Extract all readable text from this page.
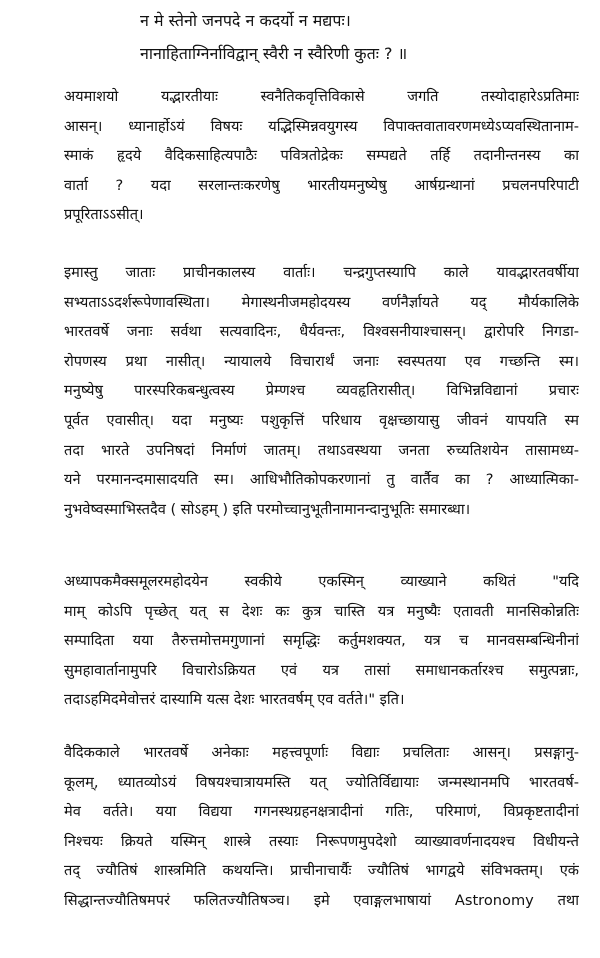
न मे स्तेनो जनपदे न कदर्यो न मद्यपः।
नानाहिताग्निर्नाविद्वान् स्वैरी न स्वैरिणी कुतः ? ॥
अयमाशयो यद्भारतीयाः स्वनैतिकवृत्तिविकासे जगति तस्योदाहारेऽप्रतिमाः
आसन्। ध्यानार्होऽयं विषयः यद्भिस्मिन्नवयुगस्य विपाक्तवातावरणमध्येऽप्यवस्थितानाम-
स्माकं हृदये वैदिकसाहित्यपाठैः पवित्रतोद्रेकः सम्पद्यते तर्हि तदानीन्तनस्य का
वार्ता ? यदा सरलान्तःकरणेषु भारतीयमनुष्येषु आर्षग्रन्थानां प्रचलनपरिपाटी
प्रपूरिताऽऽसीत्।
इमास्तु जाताः प्राचीनकालस्य वार्ताः। चन्द्रगुप्तस्यापि काले यावद्भारतवर्षीया
सभ्यताऽऽदर्शरूपेणावस्थिता। मेगास्थनीजमहोदयस्य वर्णनैर्ज्ञायते यद् मौर्यकालिके
भारतवर्षे जनाः सर्वथा सत्यवादिनः, धैर्यवन्तः, विश्वसनीयाश्चासन्। द्वारोपरि निगडा-
रोपणस्य प्रथा नासीत्। न्यायालये विचारार्थं जनाः स्वस्पतया एव गच्छन्ति स्म।
मनुष्येषु पारस्परिकबन्धुत्वस्य प्रेम्णश्च व्यवहृतिरासीत्। विभिन्नविद्यानां प्रचारः
पूर्वत एवासीत्। यदा मनुष्यः पशुकृत्तिं परिधाय वृक्षच्छायासु जीवनं यापयति स्म
तदा भारते उपनिषदां निर्माणं जातम्। तथाऽवस्थया जनता रुच्यतिशयेन तासामध्य-
यने परमानन्दमासादयति स्म। आधिभौतिकोपकरणानां तु वार्तैव का ? आध्यात्मिका-
नुभवेष्वस्माभिस्तदैव ( सोऽहम् ) इति परमोच्चानुभूतीनामानन्दानुभूतिः समारब्धा।
अध्यापकमैक्समूलरमहोदयेन स्वकीये एकस्मिन् व्याख्याने कथितं "यदि
माम् कोऽपि पृच्छेत् यत् स देशः कः कुत्र चास्ति यत्र मनुष्यैः एतावती मानसिकोन्नतिः
सम्पादिता यया तैरुत्तमोत्तमगुणानां समृद्धिः कर्तुमशक्यत, यत्र च मानवसम्बन्धिनीनां
सुमहावार्तानामुपरि विचारोऽक्रियत एवं यत्र तासां समाधानकर्तारश्च समुत्पन्नाः,
तदाऽहमिदमेवोत्तरं दास्यामि यत्स देशः भारतवर्षम् एव वर्तते।" इति।
वैदिककाले भारतवर्षे अनेकाः महत्त्वपूर्णाः विद्याः प्रचलिताः आसन्। प्रसङ्गानु-
कूलम्, ध्यातव्योऽयं विषयश्चात्रायमस्ति यत् ज्योतिर्विद्यायाः जन्मस्थानमपि भारतवर्ष-
मेव वर्तते। यया विद्यया गगनस्थग्रहनक्षत्रादीनां गतिः, परिमाणं, विप्रकृष्टतादीनां
निश्चयः क्रियते यस्मिन् शास्त्रे तस्याः निरूपणमुपदेशो व्याख्यावर्णनादयश्च विधीयन्ते
तद् ज्यौतिषं शास्त्रमिति कथयन्ति। प्राचीनाचार्यैः ज्यौतिषं भागद्वये संविभक्तम्। एकं
सिद्धान्तज्यौतिषमपरं फलितज्यौतिषञ्च। इमे एवाङ्गलभाषायां Astronomy तथा
